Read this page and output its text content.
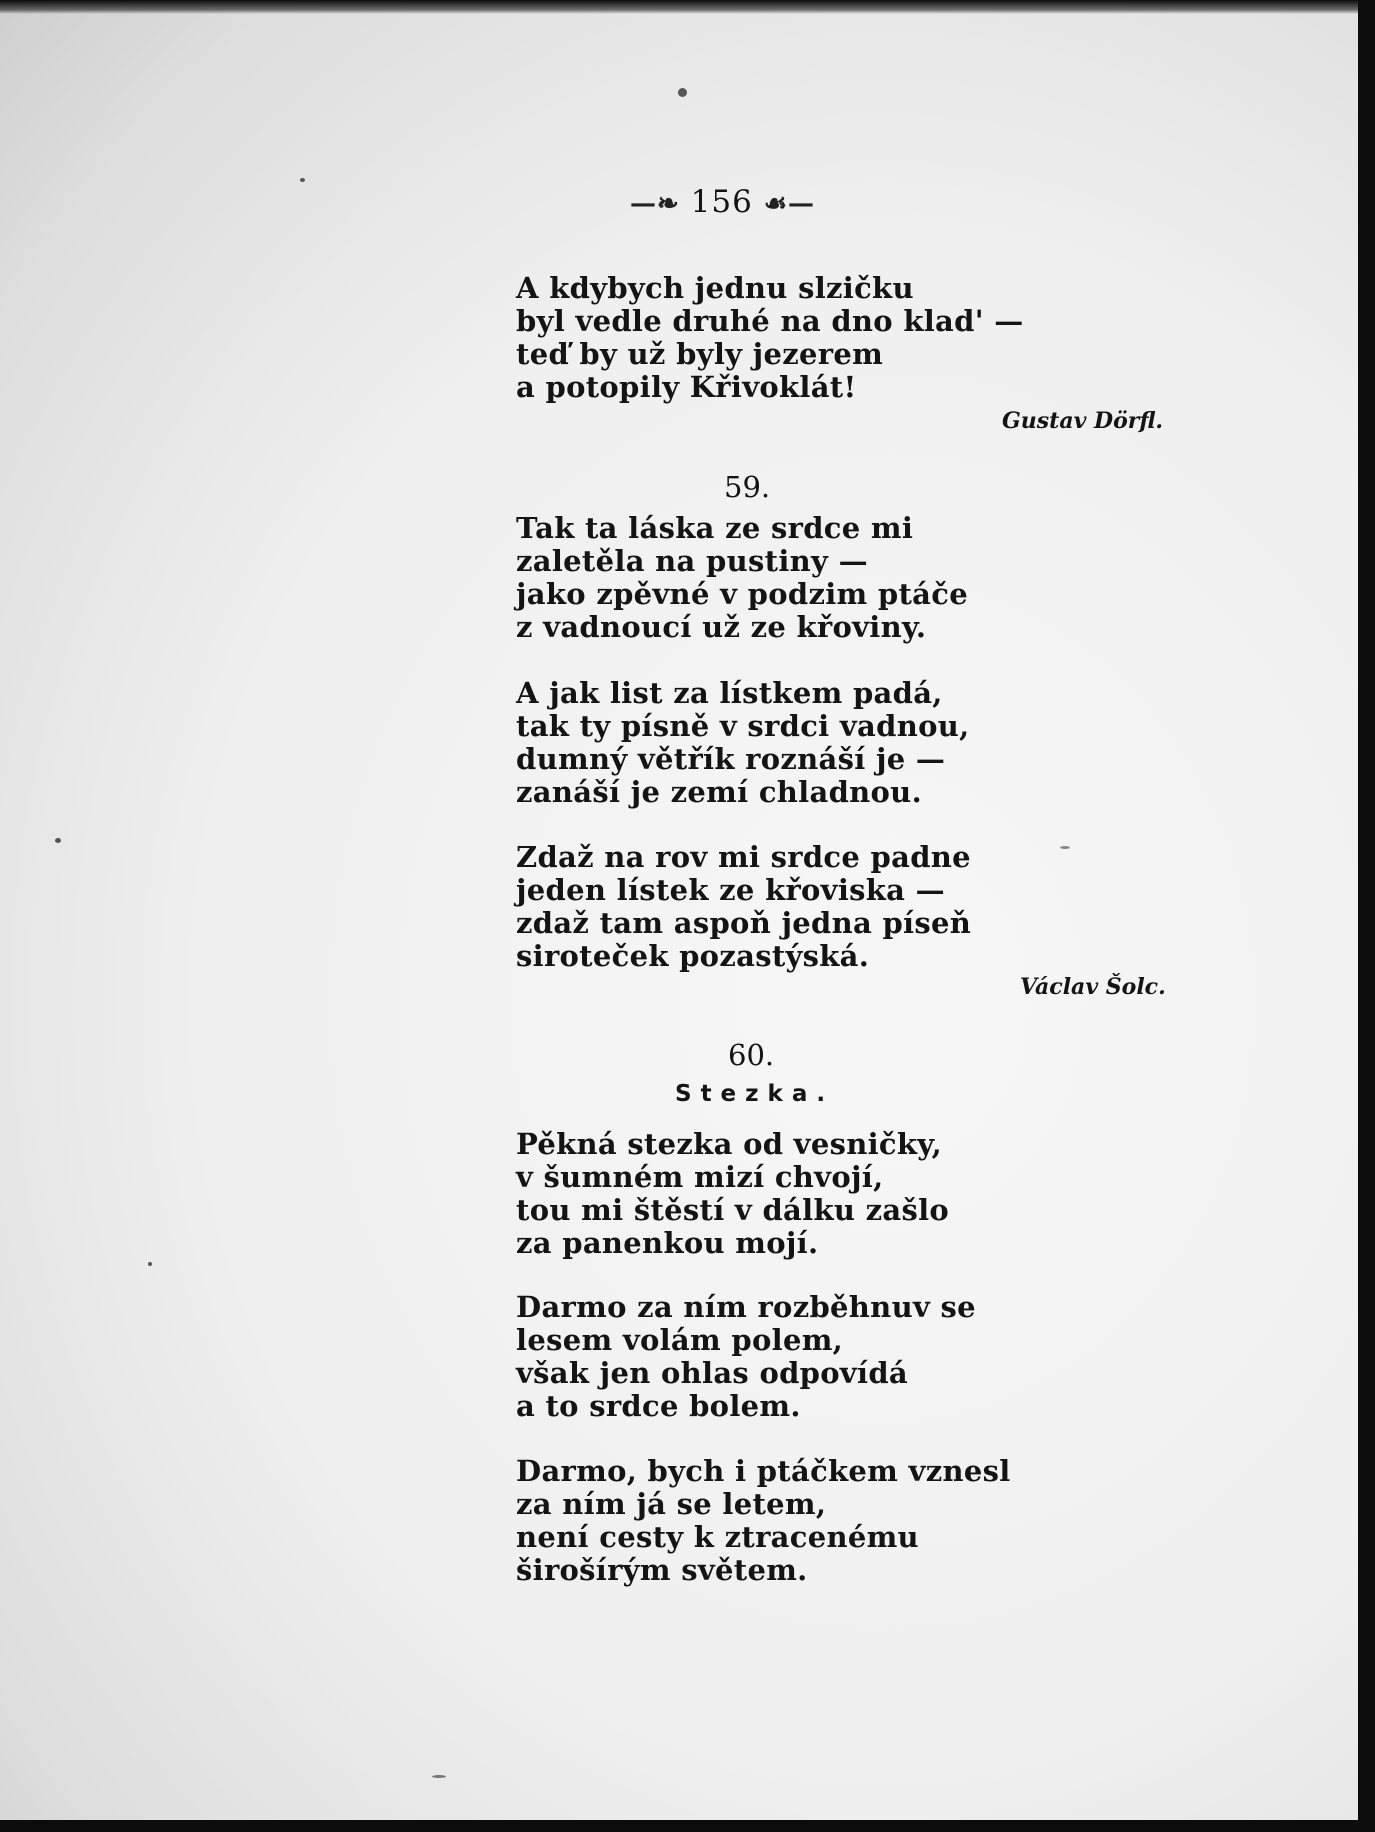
—❧ 156 ☙—
A kdybych jednu slzičku
byl vedle druhé na dno klad' —
teď by už byly jezerem
a potopily Křivoklát!
Gustav Dörfl.
59.
Tak ta láska ze srdce mi
zaletěla na pustiny —
jako zpěvné v podzim ptáče
z vadnoucí už ze křoviny.
A jak list za lístkem padá,
tak ty písně v srdci vadnou,
dumný větřík roznáší je —
zanáší je zemí chladnou.
Zdaž na rov mi srdce padne
jeden lístek ze křoviska —
zdaž tam aspoň jedna píseň
siroteček pozastýská.
Václav Šolc.
60.
Stezka.
Pěkná stezka od vesničky,
v šumném mizí chvojí,
tou mi štěstí v dálku zašlo
za panenkou mojí.
Darmo za ním rozběhnuv se
lesem volám polem,
však jen ohlas odpovídá
a to srdce bolem.
Darmo, bych i ptáčkem vznesl
za ním já se letem,
není cesty k ztracenému
širošírým světem.
